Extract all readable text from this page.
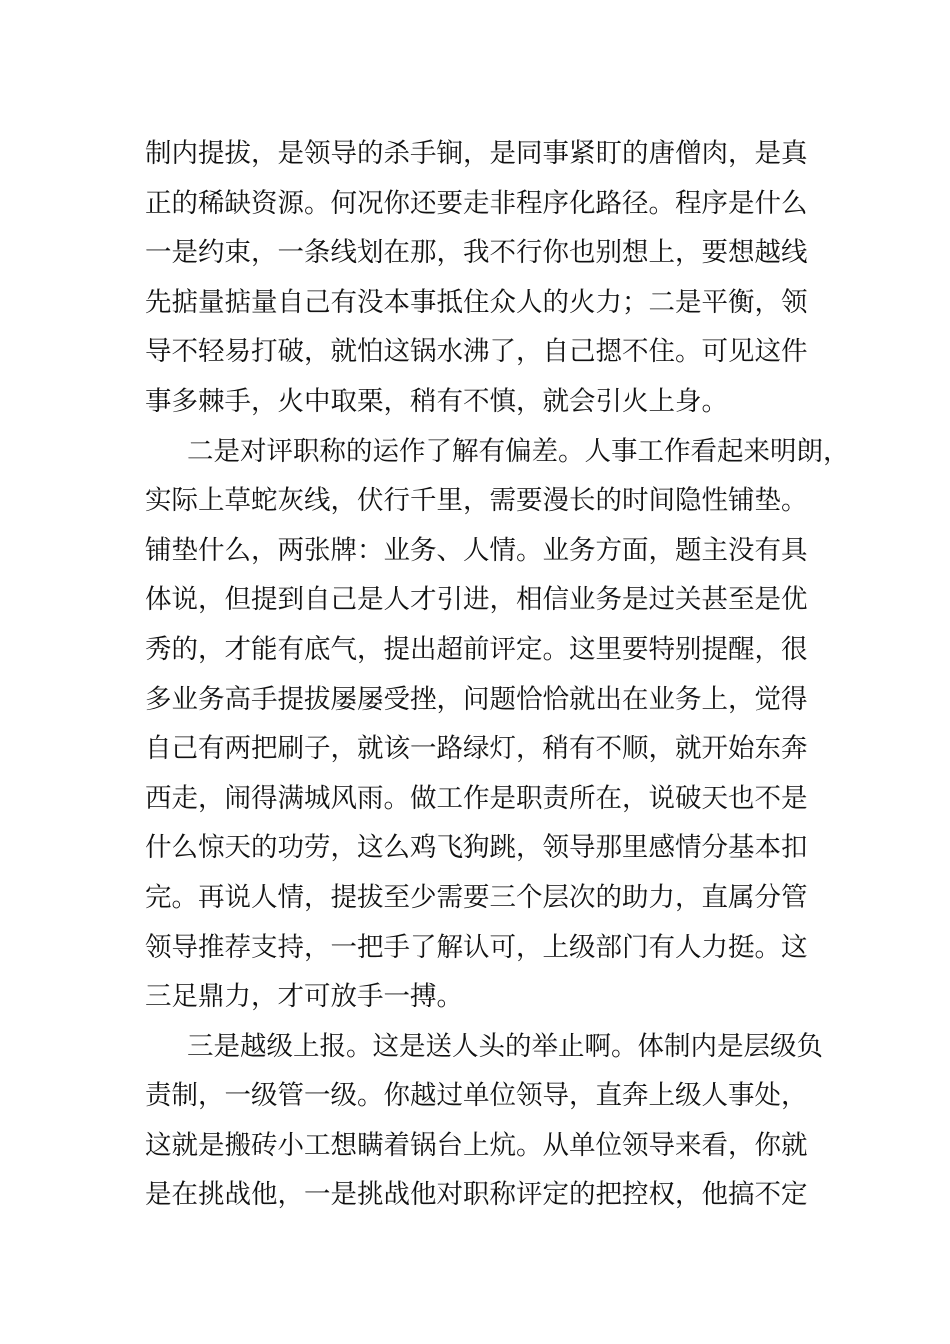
制内提拔，是领导的杀手锏，是同事紧盯的唐僧肉，是真
正的稀缺资源。何况你还要走非程序化路径。程序是什么
一是约束，一条线划在那，我不行你也别想上，要想越线
先掂量掂量自己有没本事抵住众人的火力；二是平衡，领
导不轻易打破，就怕这锅水沸了，自己摁不住。可见这件
事多棘手，火中取栗，稍有不慎，就会引火上身。
二是对评职称的运作了解有偏差。人事工作看起来明朗，
实际上草蛇灰线，伏行千里，需要漫长的时间隐性铺垫。
铺垫什么，两张牌：业务、人情。业务方面，题主没有具
体说，但提到自己是人才引进，相信业务是过关甚至是优
秀的，才能有底气，提出超前评定。这里要特别提醒，很
多业务高手提拔屡屡受挫，问题恰恰就出在业务上，觉得
自己有两把刷子，就该一路绿灯，稍有不顺，就开始东奔
西走，闹得满城风雨。做工作是职责所在，说破天也不是
什么惊天的功劳，这么鸡飞狗跳，领导那里感情分基本扣
完。再说人情，提拔至少需要三个层次的助力，直属分管
领导推荐支持，一把手了解认可，上级部门有人力挺。这
三足鼎力，才可放手一搏。
三是越级上报。这是送人头的举止啊。体制内是层级负
责制，一级管一级。你越过单位领导，直奔上级人事处，
这就是搬砖小工想瞒着锅台上炕。从单位领导来看，你就
是在挑战他，一是挑战他对职称评定的把控权，他搞不定
